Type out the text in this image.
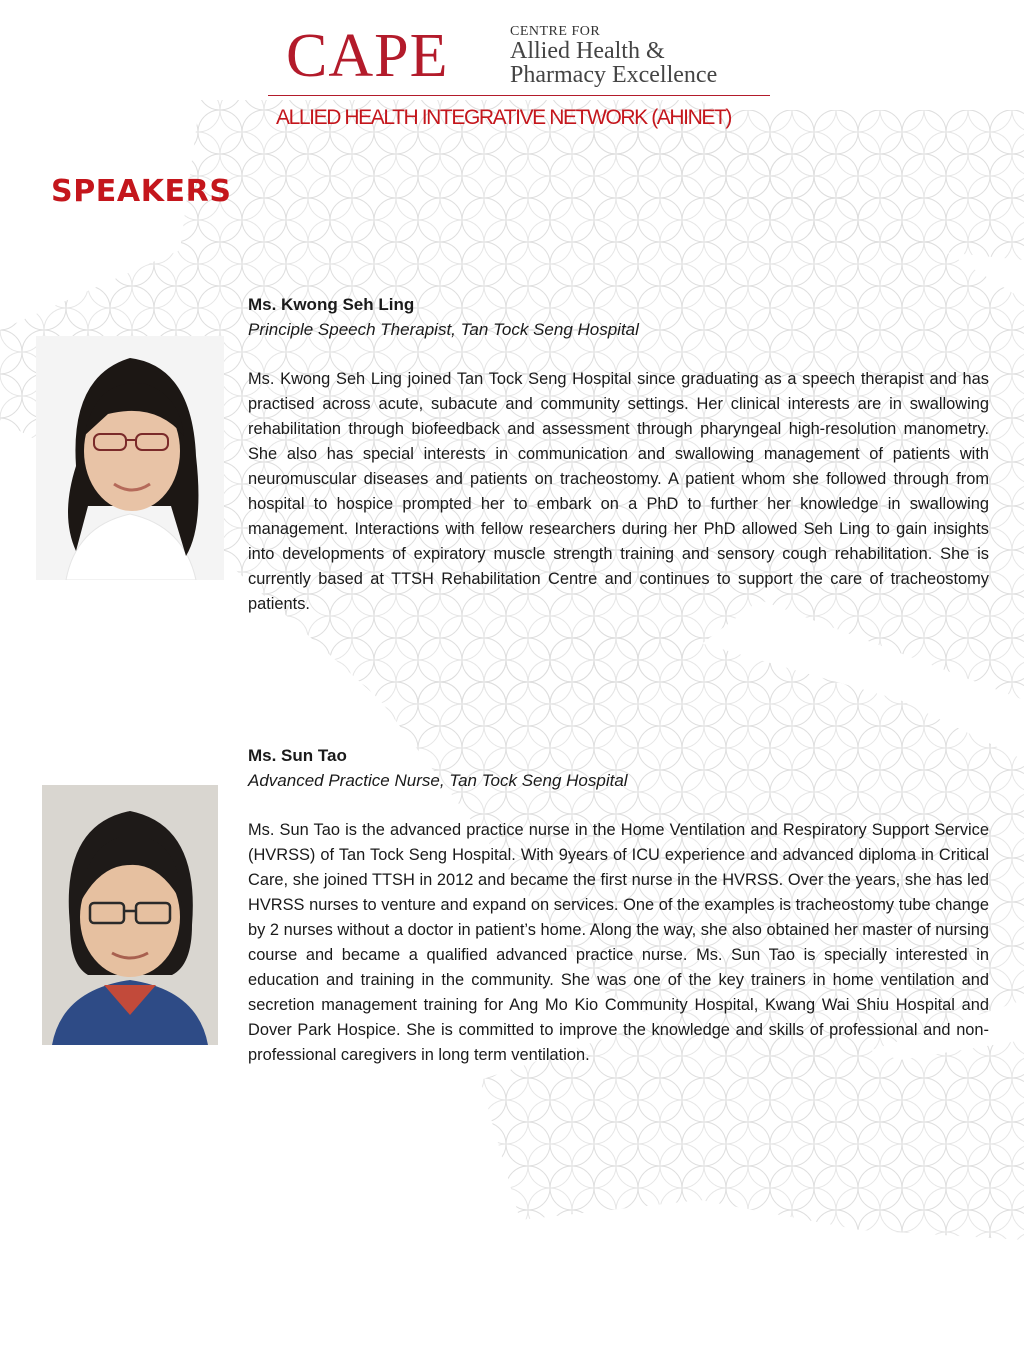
CAPE	CENTRE FOR
Allied Health &
Pharmacy Excellence
ALLIED HEALTH INTEGRATIVE NETWORK (AHINET)
SPEAKERS
Ms. Kwong Seh Ling
Principle Speech Therapist, Tan Tock Seng Hospital
Ms. Kwong Seh Ling joined Tan Tock Seng Hospital since graduating as a speech therapist and has practised across acute, subacute and community settings. Her clinical interests are in swallowing rehabilitation through biofeedback and assessment through pharyngeal high-resolution manometry. She also has special interests in communication and swallowing management of patients with neuromuscular diseases and patients on tracheostomy. A patient whom she followed through from hospital to hospice prompted her to embark on a PhD to further her knowledge in swallowing management. Interactions with fellow researchers during her PhD allowed Seh Ling to gain insights into developments of expiratory muscle strength training and sensory cough rehabilitation. She is currently based at TTSH Rehabilitation Centre and continues to support the care of tracheostomy patients.
Ms. Sun Tao
Advanced Practice Nurse, Tan Tock Seng Hospital
Ms. Sun Tao is the advanced practice nurse in the Home Ventilation and Respiratory Support Service (HVRSS) of Tan Tock Seng Hospital. With 9years of ICU experience and advanced diploma in Critical Care, she joined TTSH in 2012 and became the first nurse in the HVRSS. Over the years, she has led HVRSS nurses to venture and expand on services. One of the examples is tracheostomy tube change by 2 nurses without a doctor in patient’s home. Along the way, she also obtained her master of nursing course and became a qualified advanced practice nurse. Ms. Sun Tao is specially interested in education and training in the community. She was one of the key trainers in home ventilation and secretion management training for Ang Mo Kio Community Hospital, Kwang Wai Shiu Hospital and Dover Park Hospice. She is committed to improve the knowledge and skills of professional and non-professional caregivers in long term ventilation.
